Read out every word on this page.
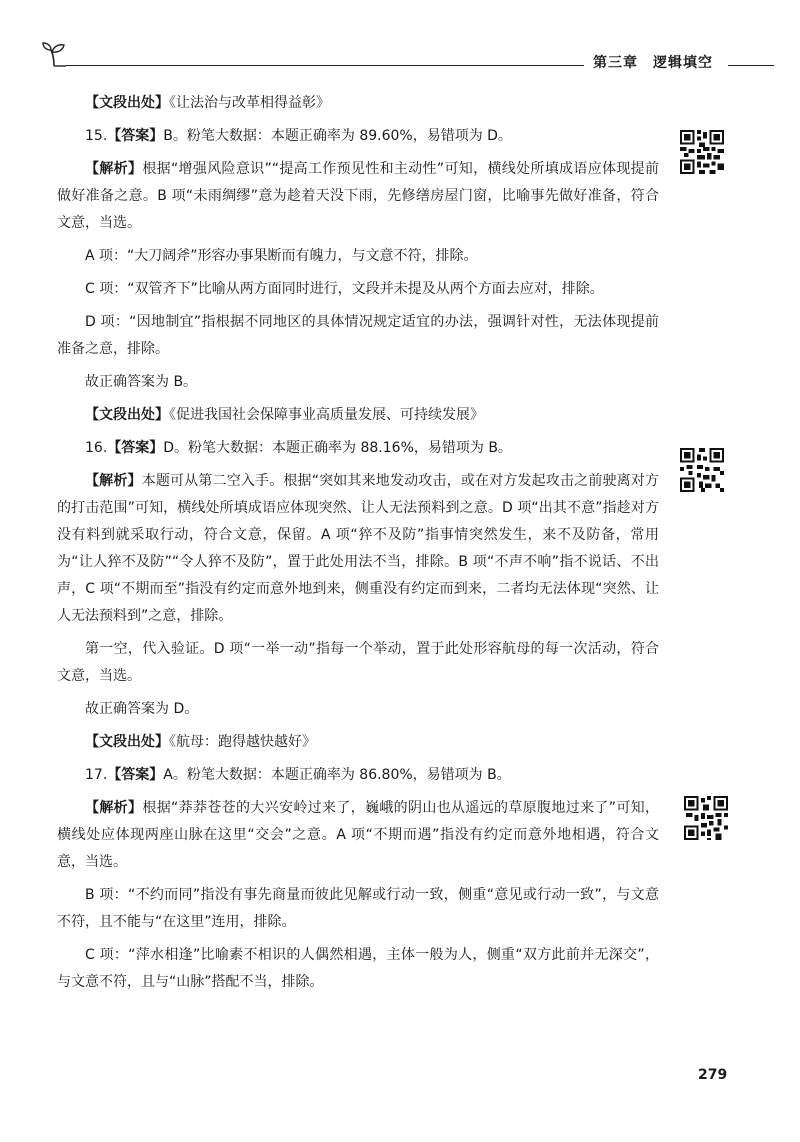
第三章　逻辑填空

【文段出处】《让法治与改革相得益彰》

15.【答案】B。粉笔大数据：本题正确率为 89.60%，易错项为 D。

【解析】根据“增强风险意识”“提高工作预见性和主动性”可知，横线处所填成语应体现提前做好准备之意。B 项“未雨绸缪”意为趁着天没下雨，先修缮房屋门窗，比喻事先做好准备，符合文意，当选。

A 项：“大刀阔斧”形容办事果断而有魄力，与文意不符，排除。

C 项：“双管齐下”比喻从两方面同时进行，文段并未提及从两个方面去应对，排除。

D 项：“因地制宜”指根据不同地区的具体情况规定适宜的办法，强调针对性，无法体现提前准备之意，排除。

故正确答案为 B。

【文段出处】《促进我国社会保障事业高质量发展、可持续发展》

16.【答案】D。粉笔大数据：本题正确率为 88.16%，易错项为 B。

【解析】本题可从第二空入手。根据“突如其来地发动攻击，或在对方发起攻击之前驶离对方的打击范围”可知，横线处所填成语应体现突然、让人无法预料到之意。D 项“出其不意”指趁对方没有料到就采取行动，符合文意，保留。A 项“猝不及防”指事情突然发生，来不及防备，常用为“让人猝不及防”“令人猝不及防”，置于此处用法不当，排除。B 项“不声不响”指不说话、不出声，C 项“不期而至”指没有约定而意外地到来，侧重没有约定而到来，二者均无法体现“突然、让人无法预料到”之意，排除。

第一空，代入验证。D 项“一举一动”指每一个举动，置于此处形容航母的每一次活动，符合文意，当选。

故正确答案为 D。

【文段出处】《航母：跑得越快越好》

17.【答案】A。粉笔大数据：本题正确率为 86.80%，易错项为 B。

【解析】根据“莽莽苍苍的大兴安岭过来了，巍峨的阴山也从遥远的草原腹地过来了”可知，横线处应体现两座山脉在这里“交会”之意。A 项“不期而遇”指没有约定而意外地相遇，符合文意，当选。

B 项：“不约而同”指没有事先商量而彼此见解或行动一致，侧重“意见或行动一致”，与文意不符，且不能与“在这里”连用，排除。

C 项：“萍水相逢”比喻素不相识的人偶然相遇，主体一般为人，侧重“双方此前并无深交”，与文意不符，且与“山脉”搭配不当，排除。

279
